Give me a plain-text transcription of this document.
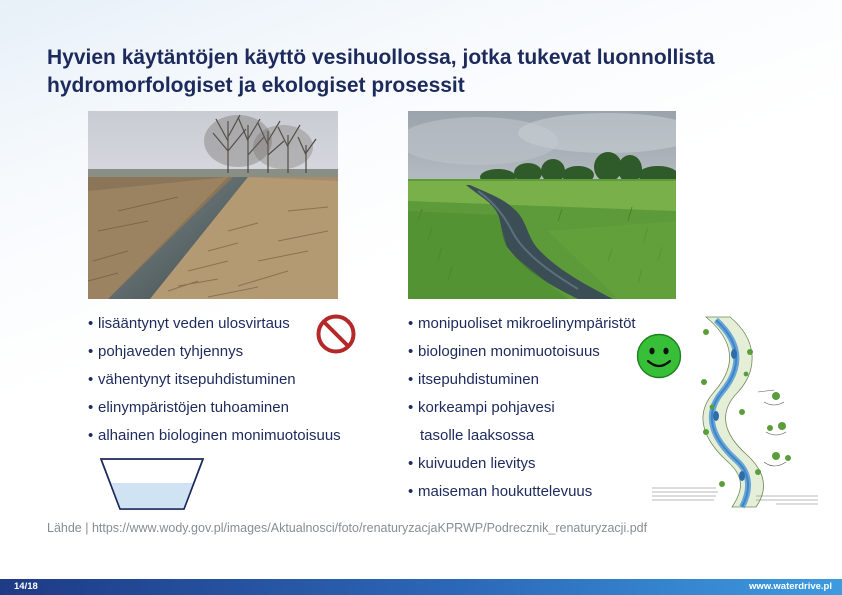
Hyvien käytäntöjen käyttö vesihuollossa, jotka tukevat luonnollista hydromorfologiset ja ekologiset prosessit
• lisääntynyt veden ulosvirtaus
• pohjaveden tyhjennys
• vähentynyt itsepuhdistuminen
• elinympäristöjen tuhoaminen
• alhainen biologinen monimuotoisuus
• monipuoliset mikroelinympäristöt
• biologinen monimuotoisuus
• itsepuhdistuminen
• korkeampi pohjavesi
tasolle laaksossa
• kuivuuden lievitys
• maiseman houkuttelevuus
Lähde | https://www.wody.gov.pl/images/Aktualnosci/foto/renaturyzacjaKPRWP/Podrecznik_renaturyzacji.pdf
14/18	www.waterdrive.pl
